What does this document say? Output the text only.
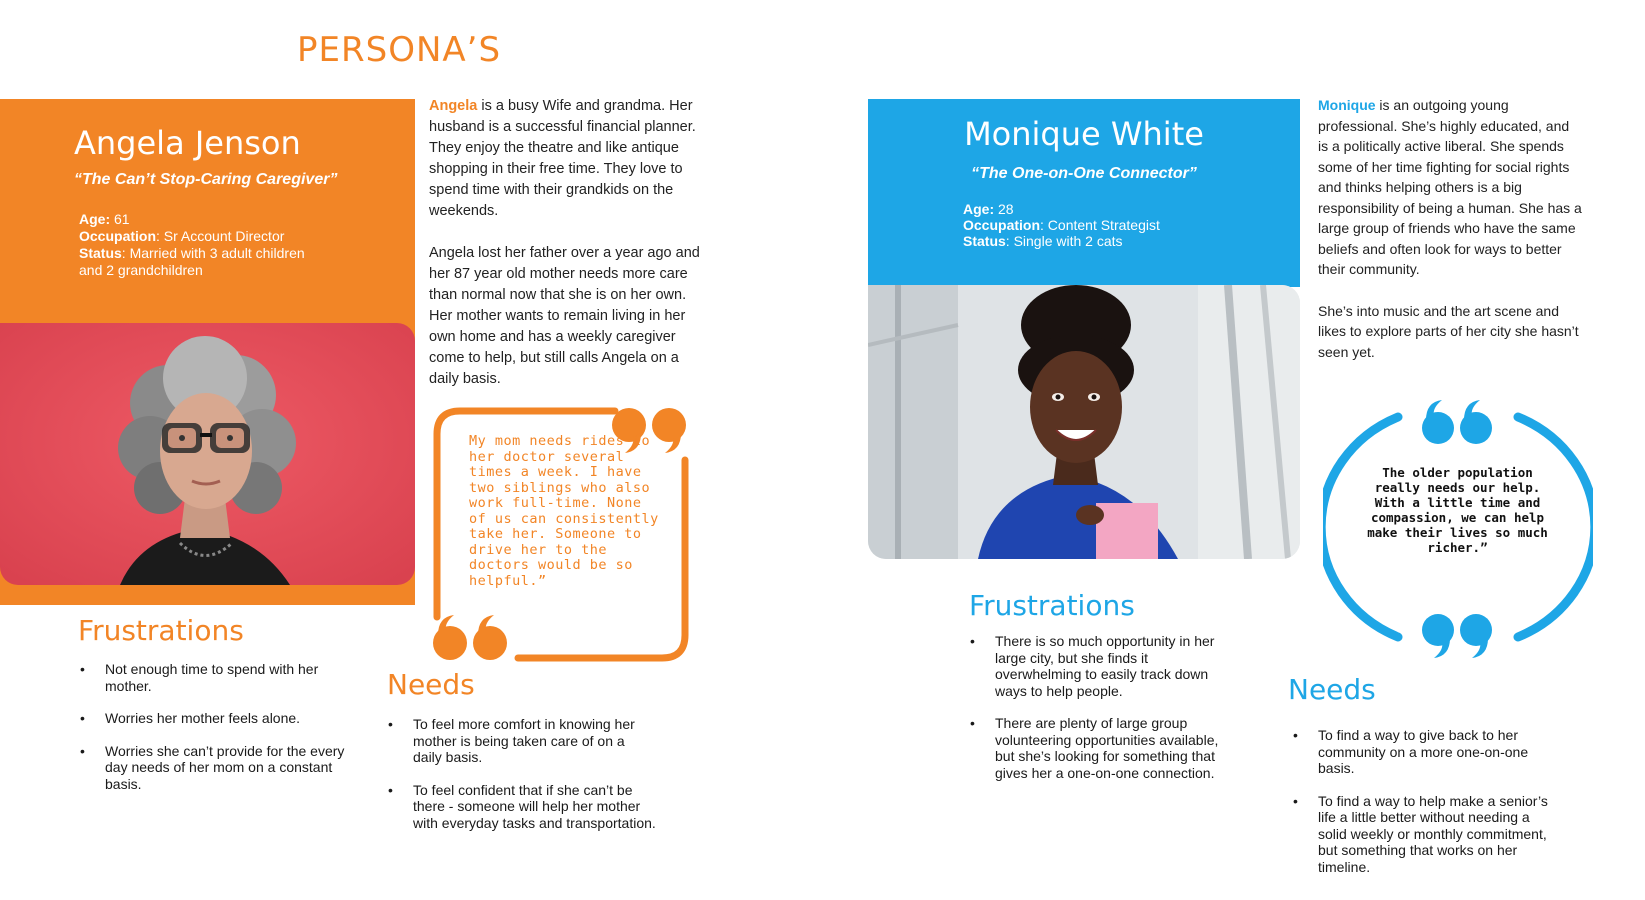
PERSONA’S
Angela Jenson
“The Can’t Stop-Caring Caregiver”
Age: 61
Occupation: Sr Account Director
Status: Married with 3 adult children and 2 grandchildren

Angela is a busy Wife and grandma. Her husband is a successful financial planner. They enjoy the theatre and like antique shopping in their free time. They love to spend time with their grandkids on the weekends.

Angela lost her father over a year ago and her 87 year old mother needs more care than normal now that she is on her own. Her mother wants to remain living in her own home and has a weekly caregiver come to help, but still calls Angela on a daily basis.

My mom needs rides to her doctor several times a week. I have two siblings who also work full-time. None of us can consistently take her. Someone to drive her to the doctors would be so helpful.”
Frustrations
• Not enough time to spend with her mother.
• Worries her mother feels alone.
• Worries she can’t provide for the every day needs of her mom on a constant basis.
Needs
• To feel more comfort in knowing her mother is being taken care of on a daily basis.
• To feel confident that if she can’t be there - someone will help her mother with everyday tasks and transportation.
Monique White
“The One-on-One Connector”
Age: 28
Occupation: Content Strategist
Status: Single with 2 cats

Monique is an outgoing young professional. She’s highly educated, and is a politically active liberal. She spends some of her time fighting for social rights and thinks helping others is a big responsibility of being a human. She has a large group of friends who have the same beliefs and often look for ways to better their community.

She’s into music and the art scene and likes to explore parts of her city she hasn’t seen yet.

The older population really needs our help. With a little time and compassion, we can help make their lives so much richer.”
Frustrations
• There is so much opportunity in her large city, but she finds it overwhelming to easily track down ways to help people.
• There are plenty of large group volunteering opportunities available, but she’s looking for something that gives her a one-on-one connection.
Needs
• To find a way to give back to her community on a more one-on-one basis.
• To find a way to help make a senior’s life a little better without needing a solid weekly or monthly commitment, but something that works on her timeline.
